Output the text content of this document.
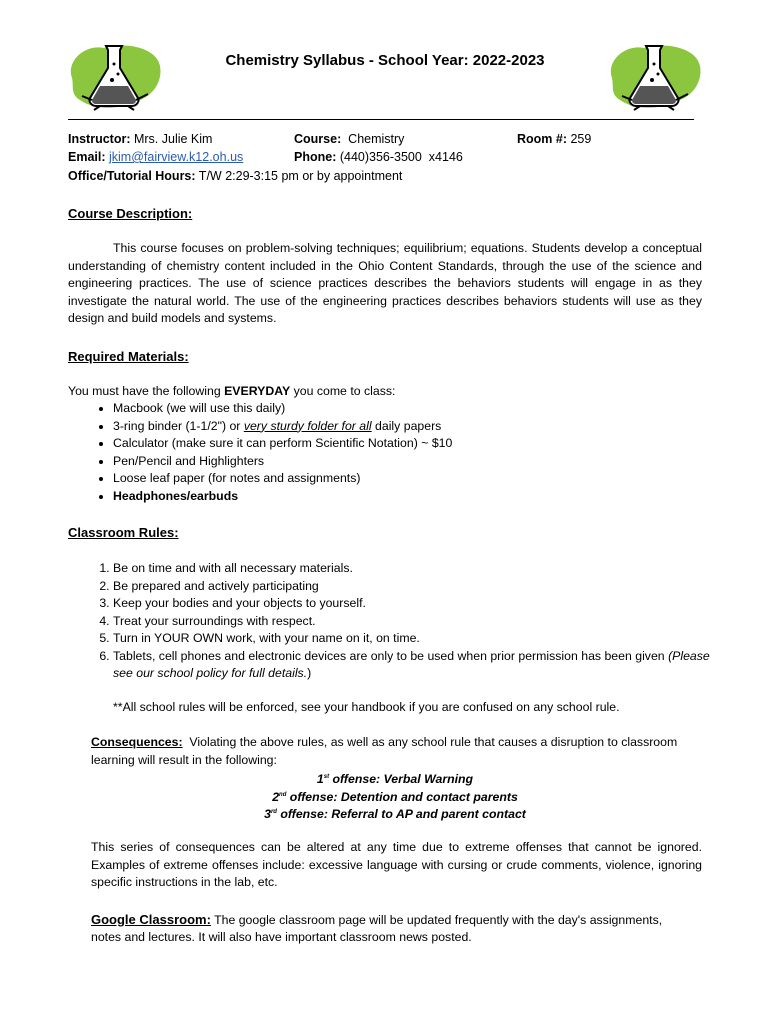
Chemistry Syllabus - School Year: 2022-2023
Instructor: Mrs. Julie Kim	Course:  Chemistry	Room #: 259
Email: jkim@fairview.k12.oh.us	Phone: (440)356-3500  x4146
Office/Tutorial Hours: T/W 2:29-3:15 pm or by appointment
Course Description:
This course focuses on problem-solving techniques; equilibrium; equations. Students develop a conceptual understanding of chemistry content included in the Ohio Content Standards, through the use of the science and engineering practices. The use of science practices describes the behaviors students will engage in as they investigate the natural world. The use of the engineering practices describes behaviors students will use as they design and build models and systems.
Required Materials:
You must have the following EVERYDAY you come to class:
• Macbook (we will use this daily)
• 3-ring binder (1-1/2") or very sturdy folder for all daily papers
• Calculator (make sure it can perform Scientific Notation) ~ $10
• Pen/Pencil and Highlighters
• Loose leaf paper (for notes and assignments)
• Headphones/earbuds
Classroom Rules:
1. Be on time and with all necessary materials.
2. Be prepared and actively participating
3. Keep your bodies and your objects to yourself.
4. Treat your surroundings with respect.
5. Turn in YOUR OWN work, with your name on it, on time.
6. Tablets, cell phones and electronic devices are only to be used when prior permission has been given (Please see our school policy for full details.)
**All school rules will be enforced, see your handbook if you are confused on any school rule.
Consequences:  Violating the above rules, as well as any school rule that causes a disruption to classroom
learning will result in the following:
1st offense: Verbal Warning
2nd offense: Detention and contact parents
3rd offense: Referral to AP and parent contact
This series of consequences can be altered at any time due to extreme offenses that cannot be ignored. Examples of extreme offenses include: excessive language with cursing or crude comments, violence, ignoring specific instructions in the lab, etc.
Google Classroom: The google classroom page will be updated frequently with the day's assignments,
notes and lectures. It will also have important classroom news posted.
